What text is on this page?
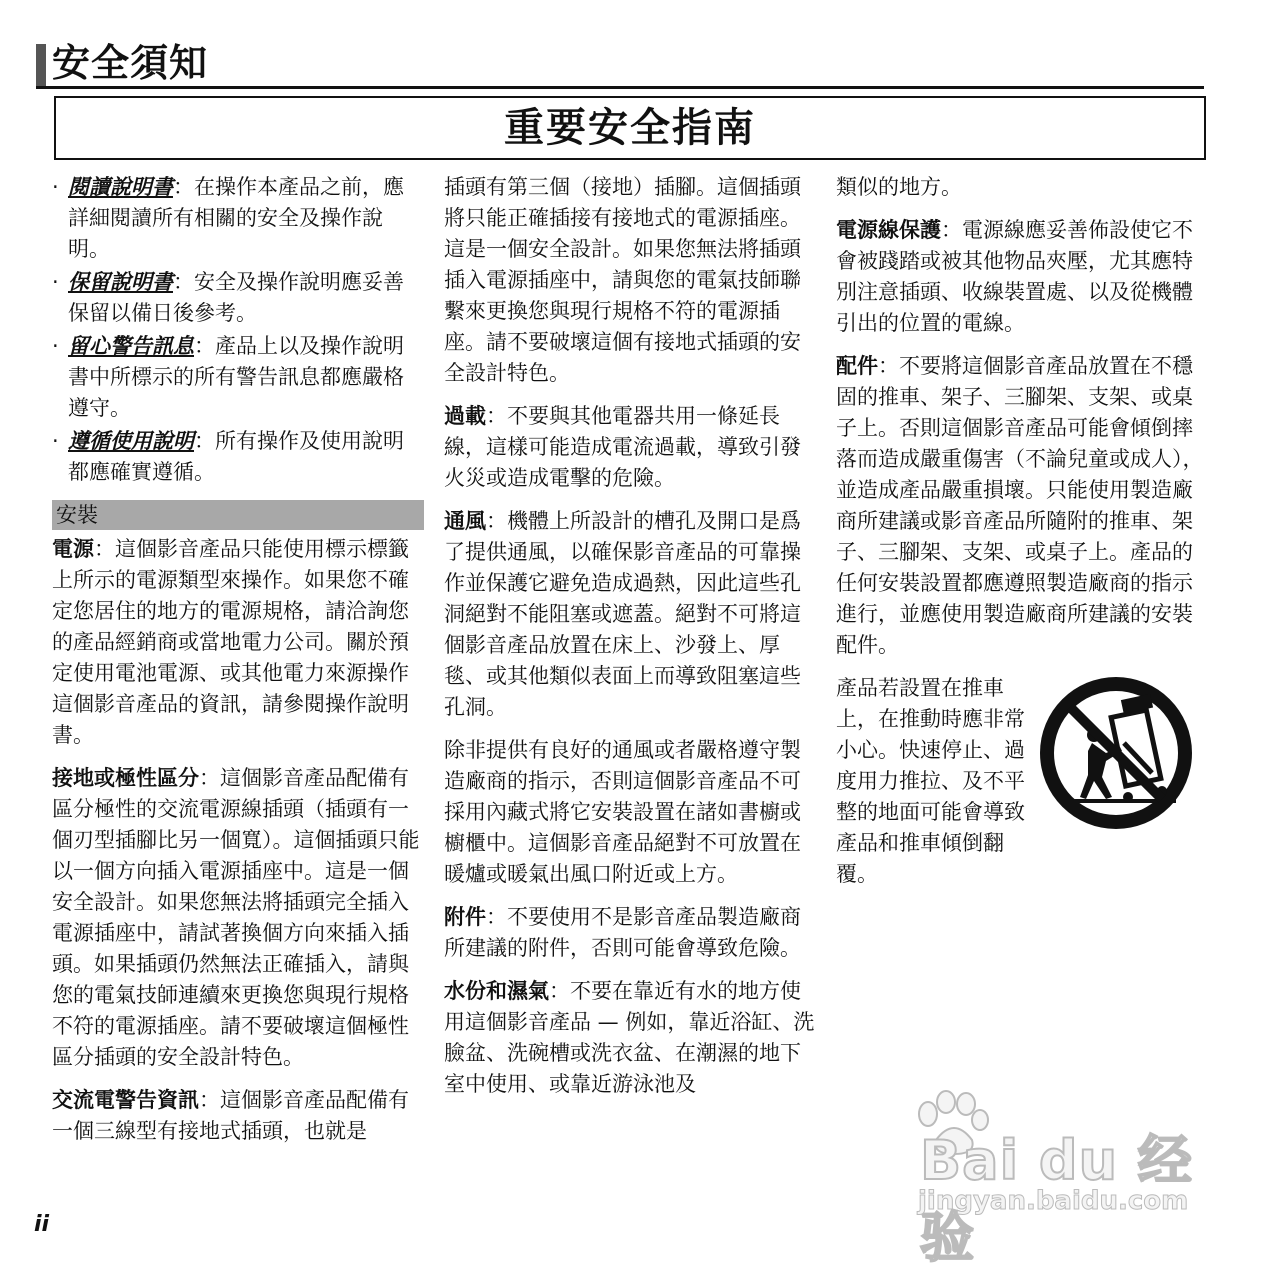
安全須知
重要安全指南
· 閱讀說明書：在操作本產品之前，應詳細閱讀所有相關的安全及操作說明。
· 保留說明書：安全及操作說明應妥善保留以備日後參考。
· 留心警告訊息：產品上以及操作說明書中所標示的所有警告訊息都應嚴格遵守。
· 遵循使用說明：所有操作及使用說明都應確實遵循。
安裝

電源：這個影音產品只能使用標示標籤上所示的電源類型來操作。如果您不確定您居住的地方的電源規格，請洽詢您的產品經銷商或當地電力公司。關於預定使用電池電源、或其他電力來源操作這個影音產品的資訊，請參閱操作說明書。

接地或極性區分：這個影音產品配備有區分極性的交流電源線插頭（插頭有一個刃型插腳比另一個寬）。這個插頭只能以一個方向插入電源插座中。這是一個安全設計。如果您無法將插頭完全插入電源插座中，請試著換個方向來插入插頭。如果插頭仍然無法正確插入，請與您的電氣技師連續來更換您與現行規格不符的電源插座。請不要破壞這個極性區分插頭的安全設計特色。

交流電警告資訊：這個影音產品配備有一個三線型有接地式插頭，也就是

插頭有第三個（接地）插腳。這個插頭將只能正確插接有接地式的電源插座。這是一個安全設計。如果您無法將插頭插入電源插座中，請與您的電氣技師聯繫來更換您與現行規格不符的電源插座。請不要破壞這個有接地式插頭的安全設計特色。

過載：不要與其他電器共用一條延長線，這樣可能造成電流過載，導致引發火災或造成電擊的危險。

通風：機體上所設計的槽孔及開口是爲了提供通風，以確保影音產品的可靠操作並保護它避免造成過熱，因此這些孔洞絕對不能阻塞或遮蓋。絕對不可將這個影音產品放置在床上、沙發上、厚毯、或其他類似表面上而導致阻塞這些孔洞。

除非提供有良好的通風或者嚴格遵守製造廠商的指示，否則這個影音產品不可採用內藏式將它安裝設置在諸如書櫥或櫥櫃中。這個影音產品絕對不可放置在暖爐或暖氣出風口附近或上方。

附件：不要使用不是影音產品製造廠商所建議的附件，否則可能會導致危險。

水份和濕氣：不要在靠近有水的地方使用這個影音產品 — 例如，靠近浴缸、洗臉盆、洗碗槽或洗衣盆、在潮濕的地下室中使用、或靠近游泳池及

類似的地方。

電源線保護：電源線應妥善佈設使它不會被踐踏或被其他物品夾壓，尤其應特別注意插頭、收線裝置處、以及從機體引出的位置的電線。

配件：不要將這個影音產品放置在不穩固的推車、架子、三腳架、支架、或桌子上。否則這個影音產品可能會傾倒摔落而造成嚴重傷害（不論兒童或成人），並造成產品嚴重損壞。只能使用製造廠商所建議或影音產品所隨附的推車、架子、三腳架、支架、或桌子上。產品的任何安裝設置都應遵照製造廠商的指示進行，並應使用製造廠商所建議的安裝配件。

產品若設置在推車上，在推動時應非常小心。快速停止、過度用力推拉、及不平整的地面可能會導致產品和推車傾倒翻覆。
ii
Bai du 经验
jingyan.baidu.com
